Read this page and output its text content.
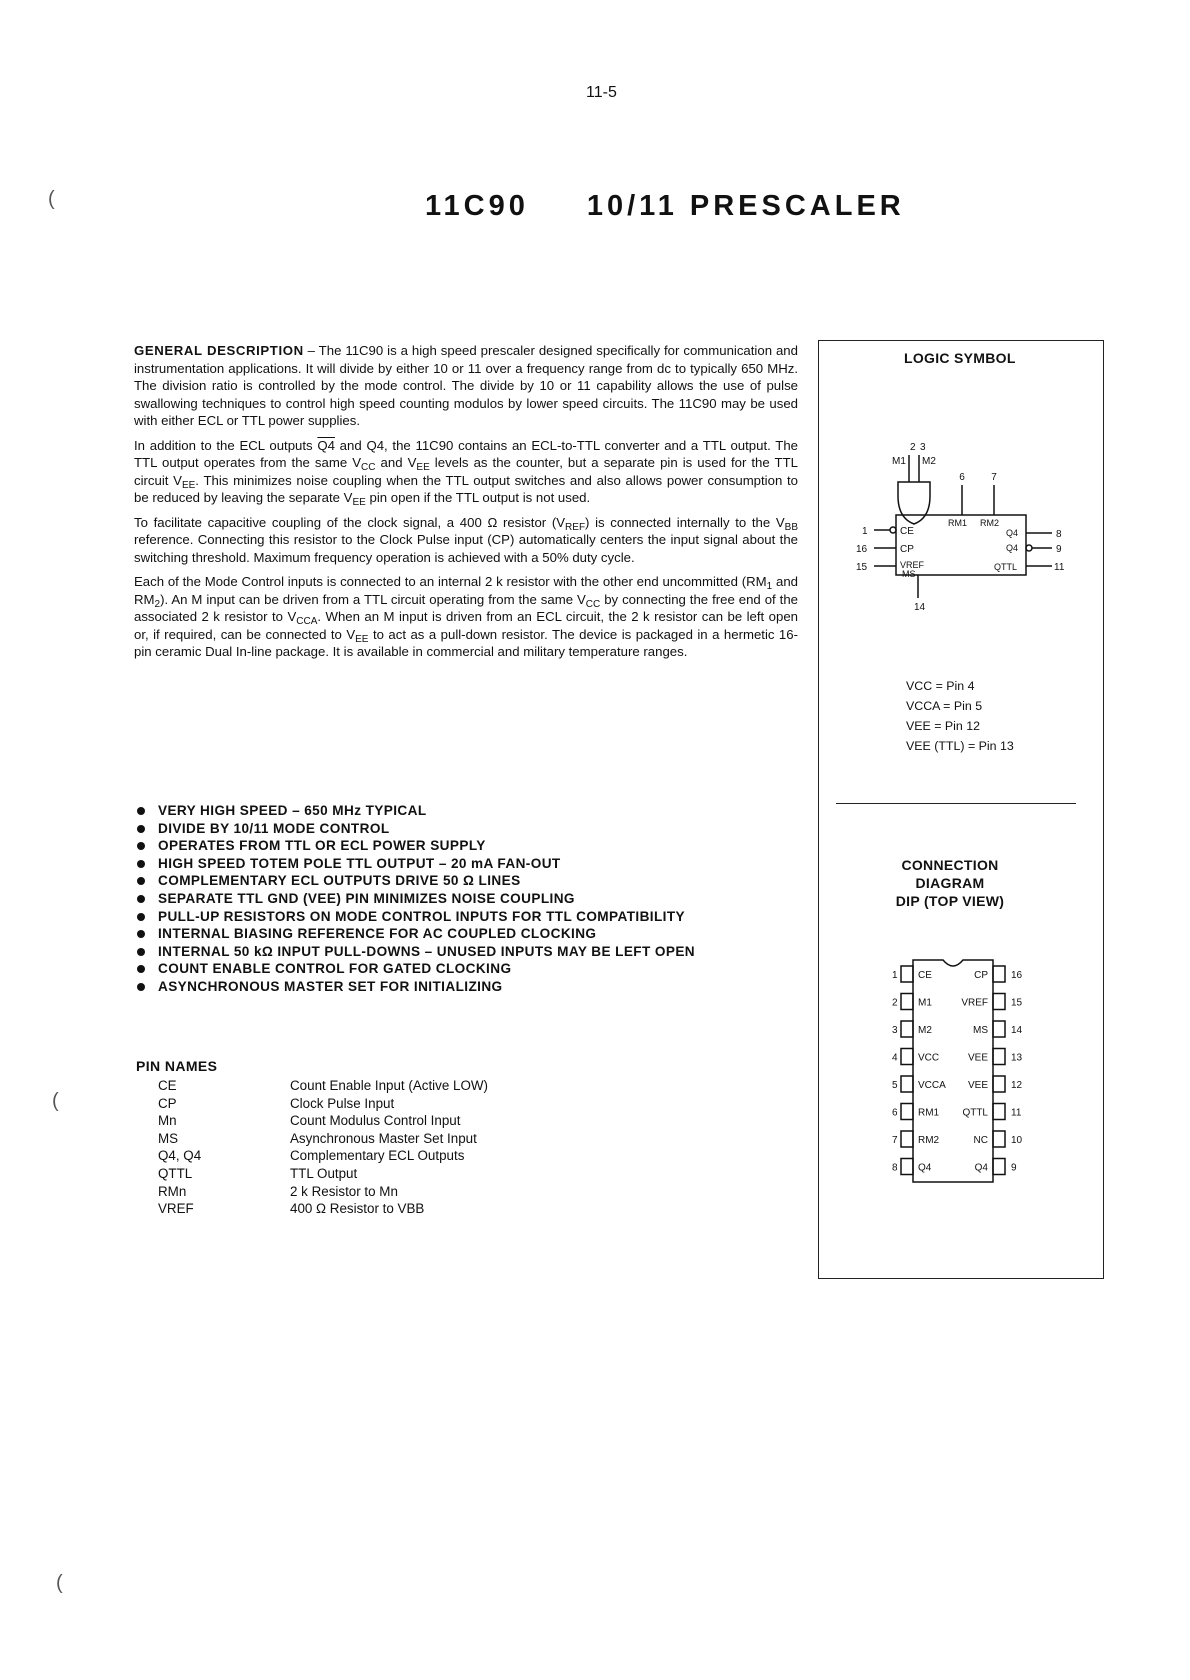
11-5
11C90 10/11 PRESCALER
(
(
(

GENERAL DESCRIPTION – The 11C90 is a high speed prescaler designed specifically for communication and instrumentation applications. It will divide by either 10 or 11 over a frequency range from dc to typically 650 MHz. The division ratio is controlled by the mode control. The divide by 10 or 11 capability allows the use of pulse swallowing techniques to control high speed counting modulos by lower speed circuits. The 11C90 may be used with either ECL or TTL power supplies.

In addition to the ECL outputs Q4 and Q4, the 11C90 contains an ECL-to-TTL converter and a TTL output. The TTL output operates from the same $V_{CC}$ and $V_{EE}$ levels as the counter, but a separate pin is used for the TTL circuit $V_{EE}$. This minimizes noise coupling when the TTL output switches and also allows power consumption to be reduced by leaving the separate $V_{EE}$ pin open if the TTL output is not used.

To facilitate capacitive coupling of the clock signal, a 400 Ω resistor $(V_{REF})$ is connected internally to the $V_{BB}$ reference. Connecting this resistor to the Clock Pulse input (CP) automatically centers the input signal about the switching threshold. Maximum frequency operation is achieved with a 50% duty cycle.

Each of the Mode Control inputs is connected to an internal 2 k resistor with the other end uncommitted ($RM_1$ and $RM_2$). An M input can be driven from a TTL circuit operating from the same $V_{CC}$ by connecting the free end of the associated 2 k resistor to $V_{CCA}$. When an M input is driven from an ECL circuit, the 2 k resistor can be left open or, if required, can be connected to $V_{EE}$ to act as a pull-down resistor. The device is packaged in a hermetic 16-pin ceramic Dual In-line package. It is available in commercial and military temperature ranges.

VERY HIGH SPEED – 650 MHz TYPICAL
DIVIDE BY 10/11 MODE CONTROL
OPERATES FROM TTL OR ECL POWER SUPPLY
HIGH SPEED TOTEM POLE TTL OUTPUT – 20 mA FAN-OUT
COMPLEMENTARY ECL OUTPUTS DRIVE 50 Ω LINES
SEPARATE TTL GND (VEE) PIN MINIMIZES NOISE COUPLING
PULL-UP RESISTORS ON MODE CONTROL INPUTS FOR TTL COMPATIBILITY
INTERNAL BIASING REFERENCE FOR AC COUPLED CLOCKING
INTERNAL 50 kΩ INPUT PULL-DOWNS – UNUSED INPUTS MAY BE LEFT OPEN
COUNT ENABLE CONTROL FOR GATED CLOCKING
ASYNCHRONOUS MASTER SET FOR INITIALIZING
PIN NAMES
CE	Count Enable Input (Active LOW)
CP	Clock Pulse Input
Mn	Count Modulus Control Input
MS	Asynchronous Master Set Input
Q4, Q4	Complementary ECL Outputs
QTTL	TTL Output
RMn	2 k Resistor to Mn
VREF	400 Ω Resistor to VBB
LOGIC SYMBOL
2 3
M1 M2
6	7
CE
CP
VREF
MS
RM1 RM2
Q4
Q4
QTTL
1
16
15
8
9
11
14
VCC = Pin 4
VCCA = Pin 5
VEE = Pin 12
VEE (TTL) = Pin 13
CONNECTION DIAGRAM
DIP (TOP VIEW)
1 CE
2 M1
3 M2
4 VCC
5 VCCA
6 RM1
7 RM2
8 Q4
16
CP
15
VREF
14
MS
13
VEE
12
VEE
11
QTTL
10
NC
9
Q4
